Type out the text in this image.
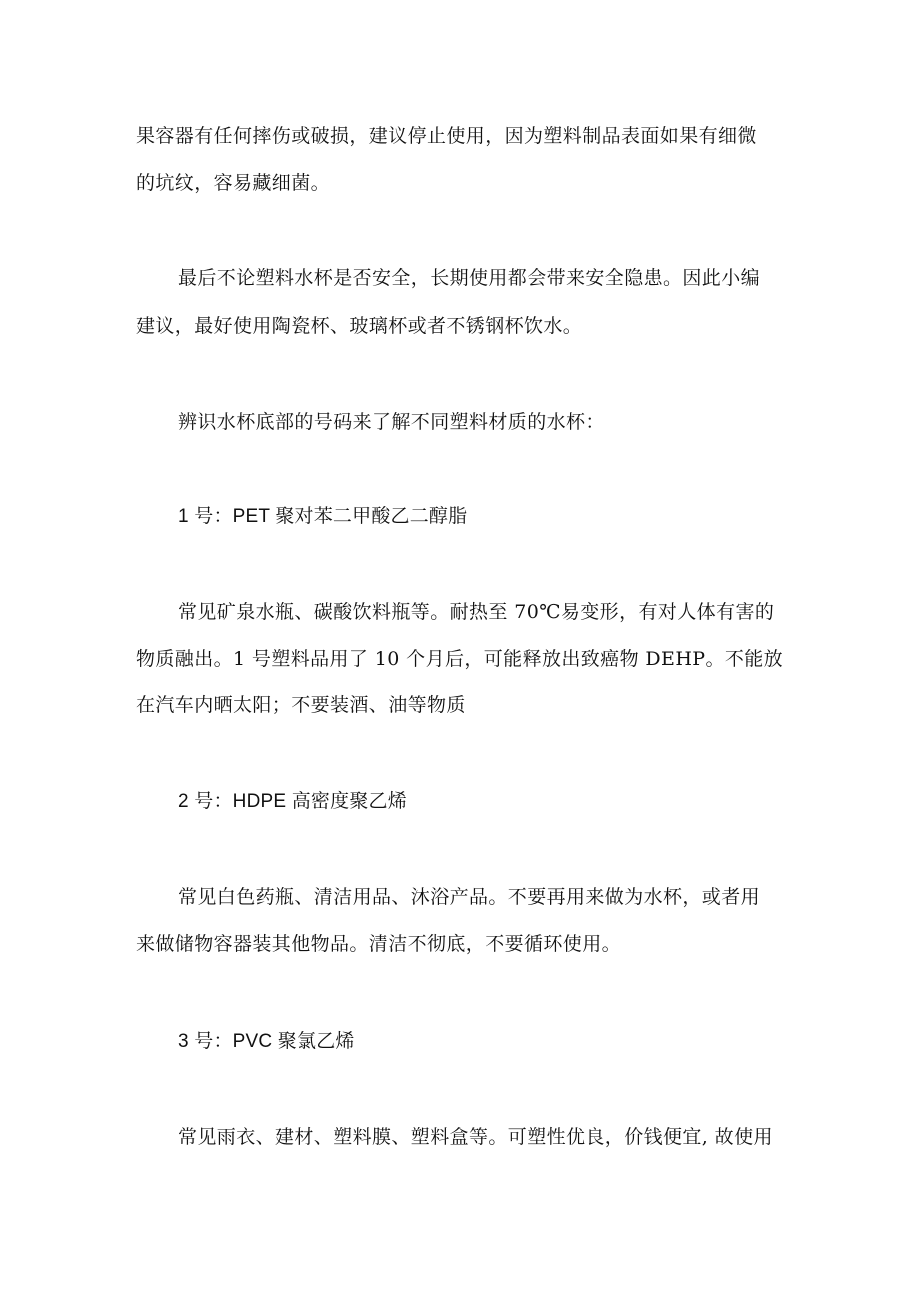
果容器有任何摔伤或破损，建议停止使用，因为塑料制品表面如果有细微
的坑纹，容易藏细菌。
最后不论塑料水杯是否安全，长期使用都会带来安全隐患。因此小编
建议，最好使用陶瓷杯、玻璃杯或者不锈钢杯饮水。
辨识水杯底部的号码来了解不同塑料材质的水杯：
1 号：PET 聚对苯二甲酸乙二醇脂
常见矿泉水瓶、碳酸饮料瓶等。耐热至 70℃易变形，有对人体有害的
物质融出。1 号塑料品用了 10 个月后，可能释放出致癌物 DEHP。不能放
在汽车内晒太阳；不要装酒、油等物质
2 号：HDPE 高密度聚乙烯
常见白色药瓶、清洁用品、沐浴产品。不要再用来做为水杯，或者用
来做储物容器装其他物品。清洁不彻底，不要循环使用。
3 号：PVC 聚氯乙烯
常见雨衣、建材、塑料膜、塑料盒等。可塑性优良，价钱便宜, 故使用
